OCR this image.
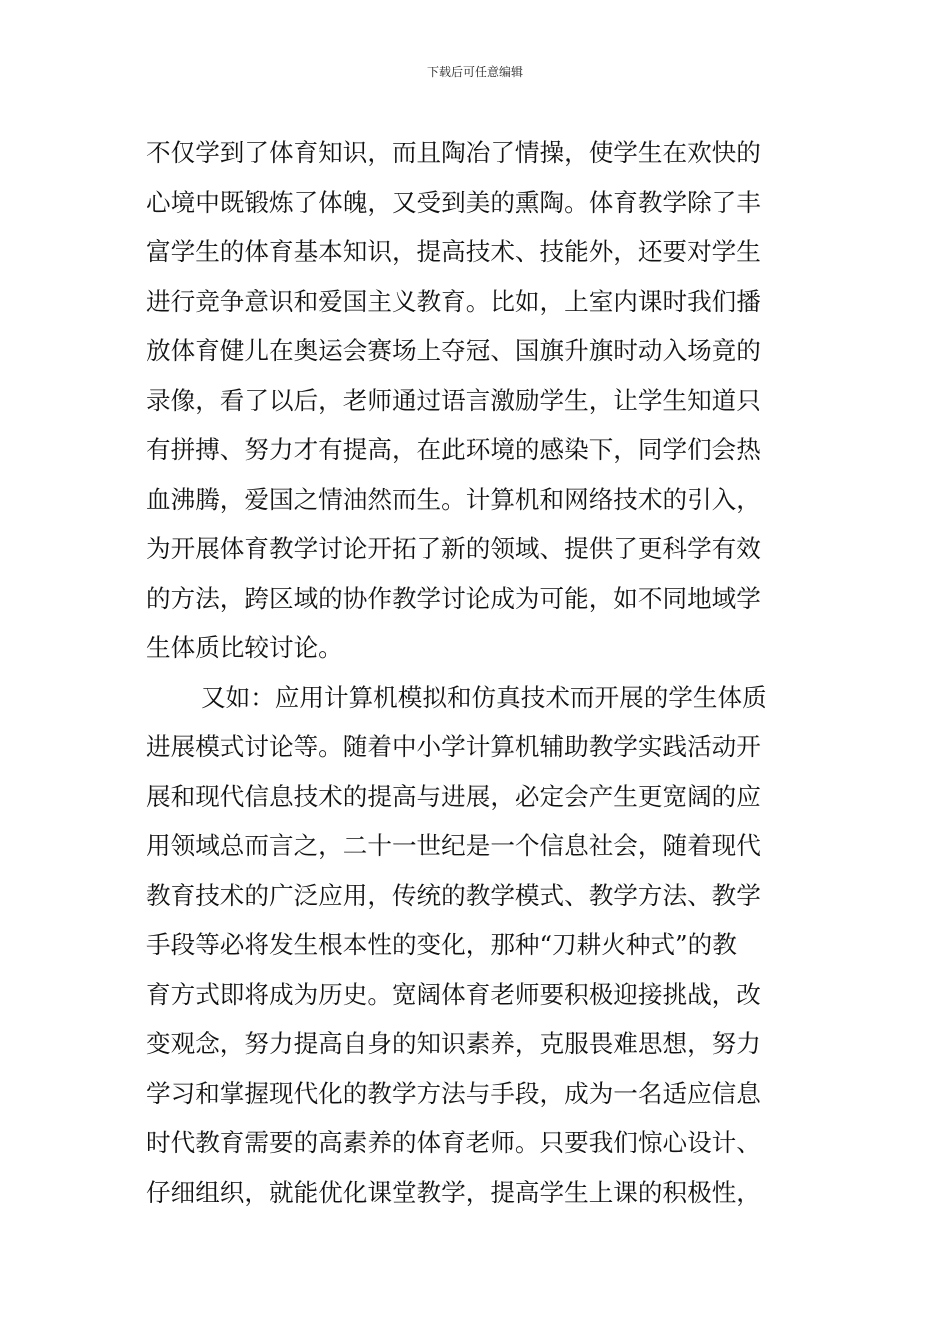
下载后可任意编辑
不仅学到了体育知识，而且陶冶了情操，使学生在欢快的
心境中既锻炼了体魄，又受到美的熏陶。体育教学除了丰
富学生的体育基本知识，提高技术、技能外，还要对学生
进行竞争意识和爱国主义教育。比如，上室内课时我们播
放体育健儿在奥运会赛场上夺冠、国旗升旗时动入场竟的
录像，看了以后，老师通过语言激励学生，让学生知道只
有拼搏、努力才有提高，在此环境的感染下，同学们会热
血沸腾，爱国之情油然而生。计算机和网络技术的引入，
为开展体育教学讨论开拓了新的领域、提供了更科学有效
的方法，跨区域的协作教学讨论成为可能，如不同地域学
生体质比较讨论。
又如：应用计算机模拟和仿真技术而开展的学生体质
进展模式讨论等。随着中小学计算机辅助教学实践活动开
展和现代信息技术的提高与进展，必定会产生更宽阔的应
用领域总而言之，二十一世纪是一个信息社会，随着现代
教育技术的广泛应用，传统的教学模式、教学方法、教学
手段等必将发生根本性的变化，那种“刀耕火种式”的教
育方式即将成为历史。宽阔体育老师要积极迎接挑战，改
变观念，努力提高自身的知识素养，克服畏难思想，努力
学习和掌握现代化的教学方法与手段，成为一名适应信息
时代教育需要的高素养的体育老师。只要我们惊心设计、
仔细组织，就能优化课堂教学，提高学生上课的积极性，
